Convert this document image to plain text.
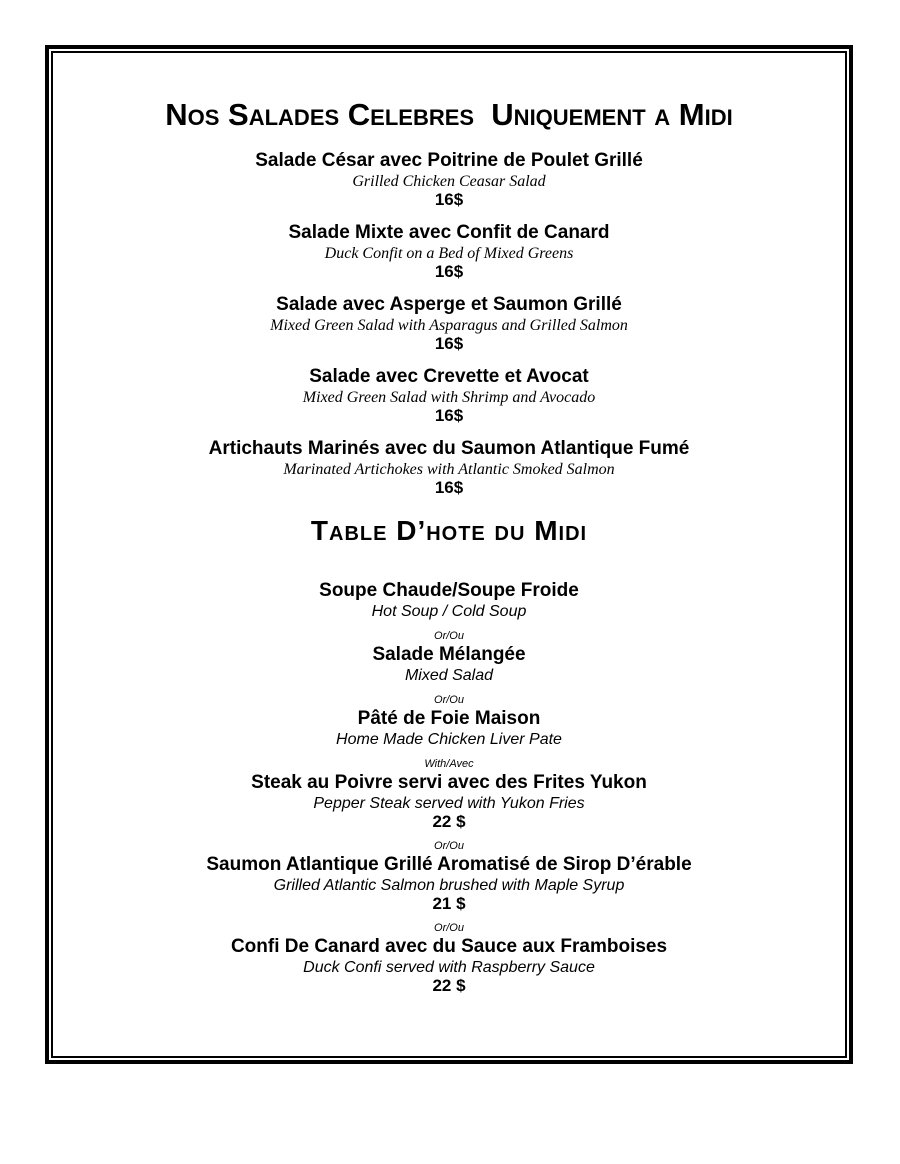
Nos Salades Celebres  Uniquement a Midi
Salade César avec Poitrine de Poulet Grillé
Grilled Chicken Ceasar Salad
16$
Salade Mixte avec Confit de Canard
Duck Confit on a Bed of Mixed Greens
16$
Salade avec Asperge et Saumon Grillé
Mixed Green Salad with Asparagus and Grilled Salmon
16$
Salade avec Crevette et Avocat
Mixed Green Salad with Shrimp and Avocado
16$
Artichauts Marinés avec du Saumon Atlantique Fumé
Marinated Artichokes with Atlantic Smoked Salmon
16$
Table D’hote du Midi
Soupe Chaude/Soupe Froide
Hot Soup / Cold Soup
Or/Ou
Salade Mélangée
Mixed Salad
Or/Ou
Pâté de Foie Maison
Home Made Chicken Liver Pate
With/Avec
Steak au Poivre servi avec des Frites Yukon
Pepper Steak served with Yukon Fries
22 $
Or/Ou
Saumon Atlantique Grillé Aromatisé de Sirop D’érable
Grilled Atlantic Salmon brushed with Maple Syrup
21 $
Or/Ou
Confi De Canard avec du Sauce aux Framboises
Duck Confi served with Raspberry Sauce
22 $
